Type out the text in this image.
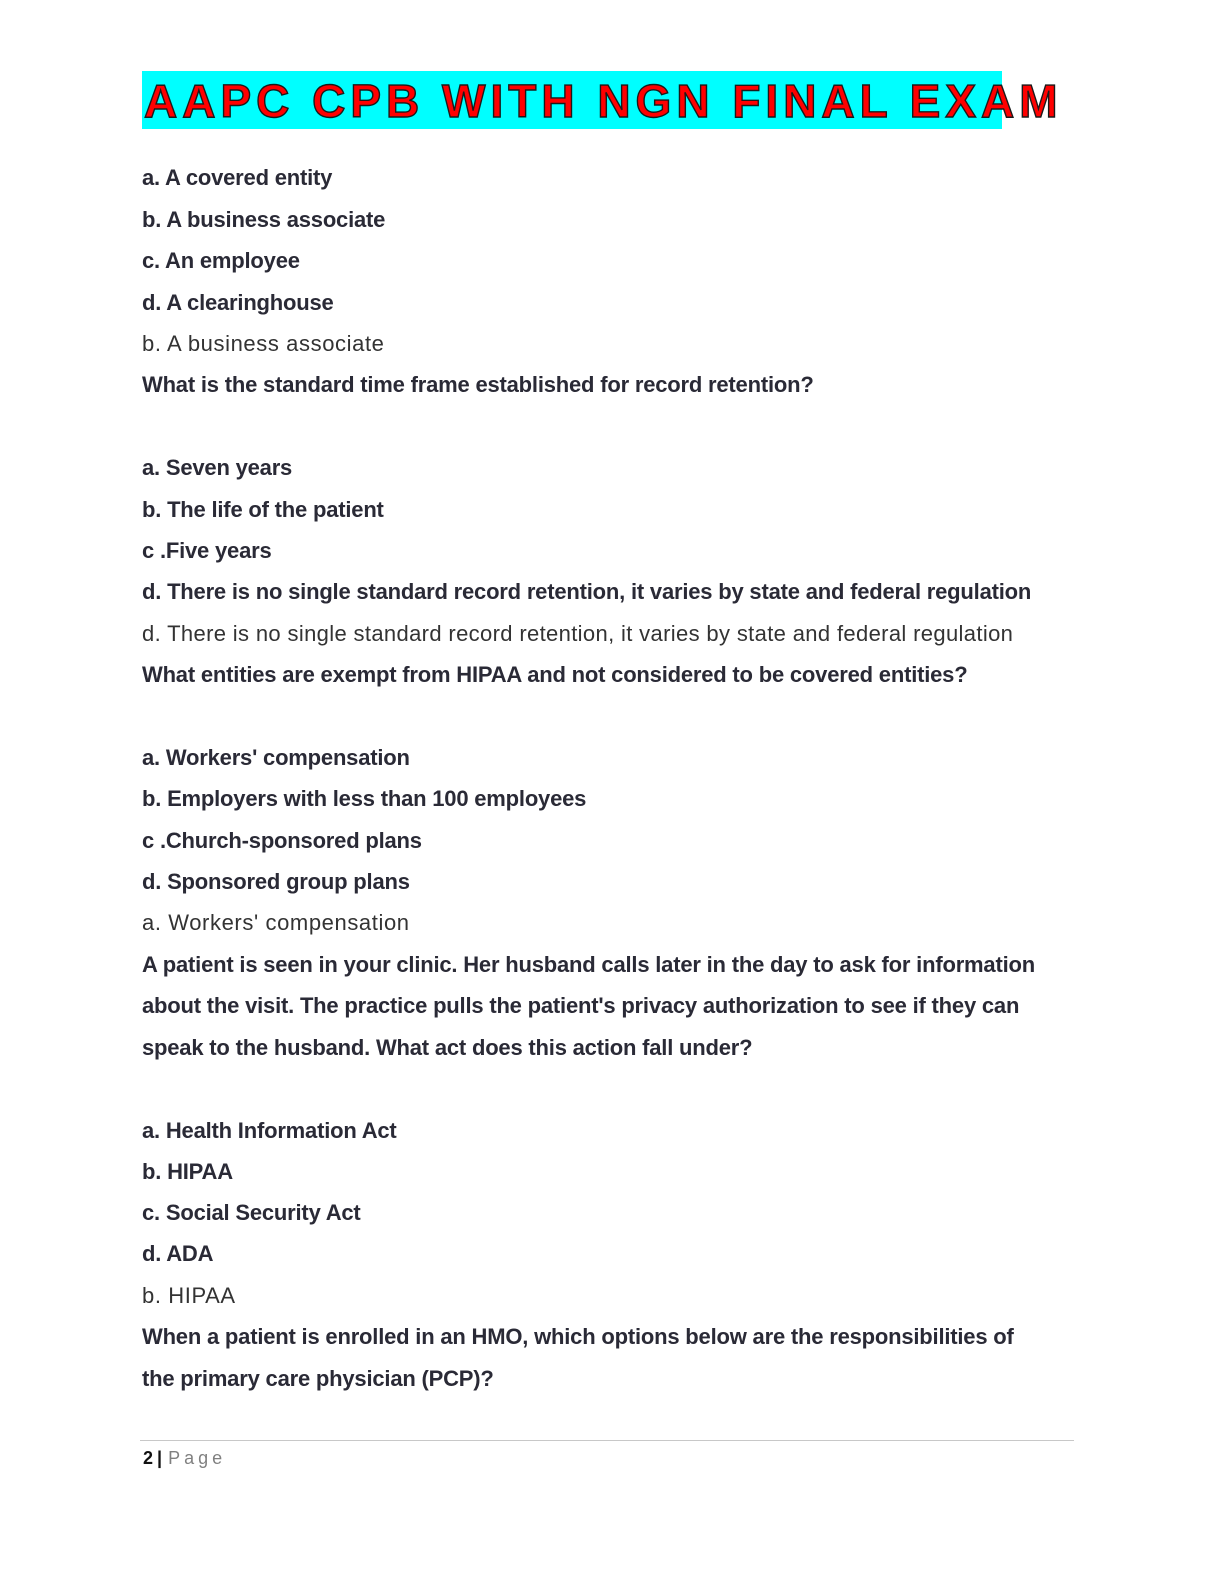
AAPC CPB WITH NGN FINAL EXAM
a. A covered entity
b. A business associate
c. An employee
d. A clearinghouse
b. A business associate
What is the standard time frame established for record retention?
a. Seven years
b. The life of the patient
c .Five years
d. There is no single standard record retention, it varies by state and federal regulation
d. There is no single standard record retention, it varies by state and federal regulation
What entities are exempt from HIPAA and not considered to be covered entities?
a. Workers' compensation
b. Employers with less than 100 employees
c .Church-sponsored plans
d. Sponsored group plans
a. Workers' compensation
A patient is seen in your clinic. Her husband calls later in the day to ask for information
about the visit. The practice pulls the patient's privacy authorization to see if they can
speak to the husband. What act does this action fall under?
a. Health Information Act
b. HIPAA
c. Social Security Act
d. ADA
b. HIPAA
When a patient is enrolled in an HMO, which options below are the responsibilities of
the primary care physician (PCP)?
2 | Page
